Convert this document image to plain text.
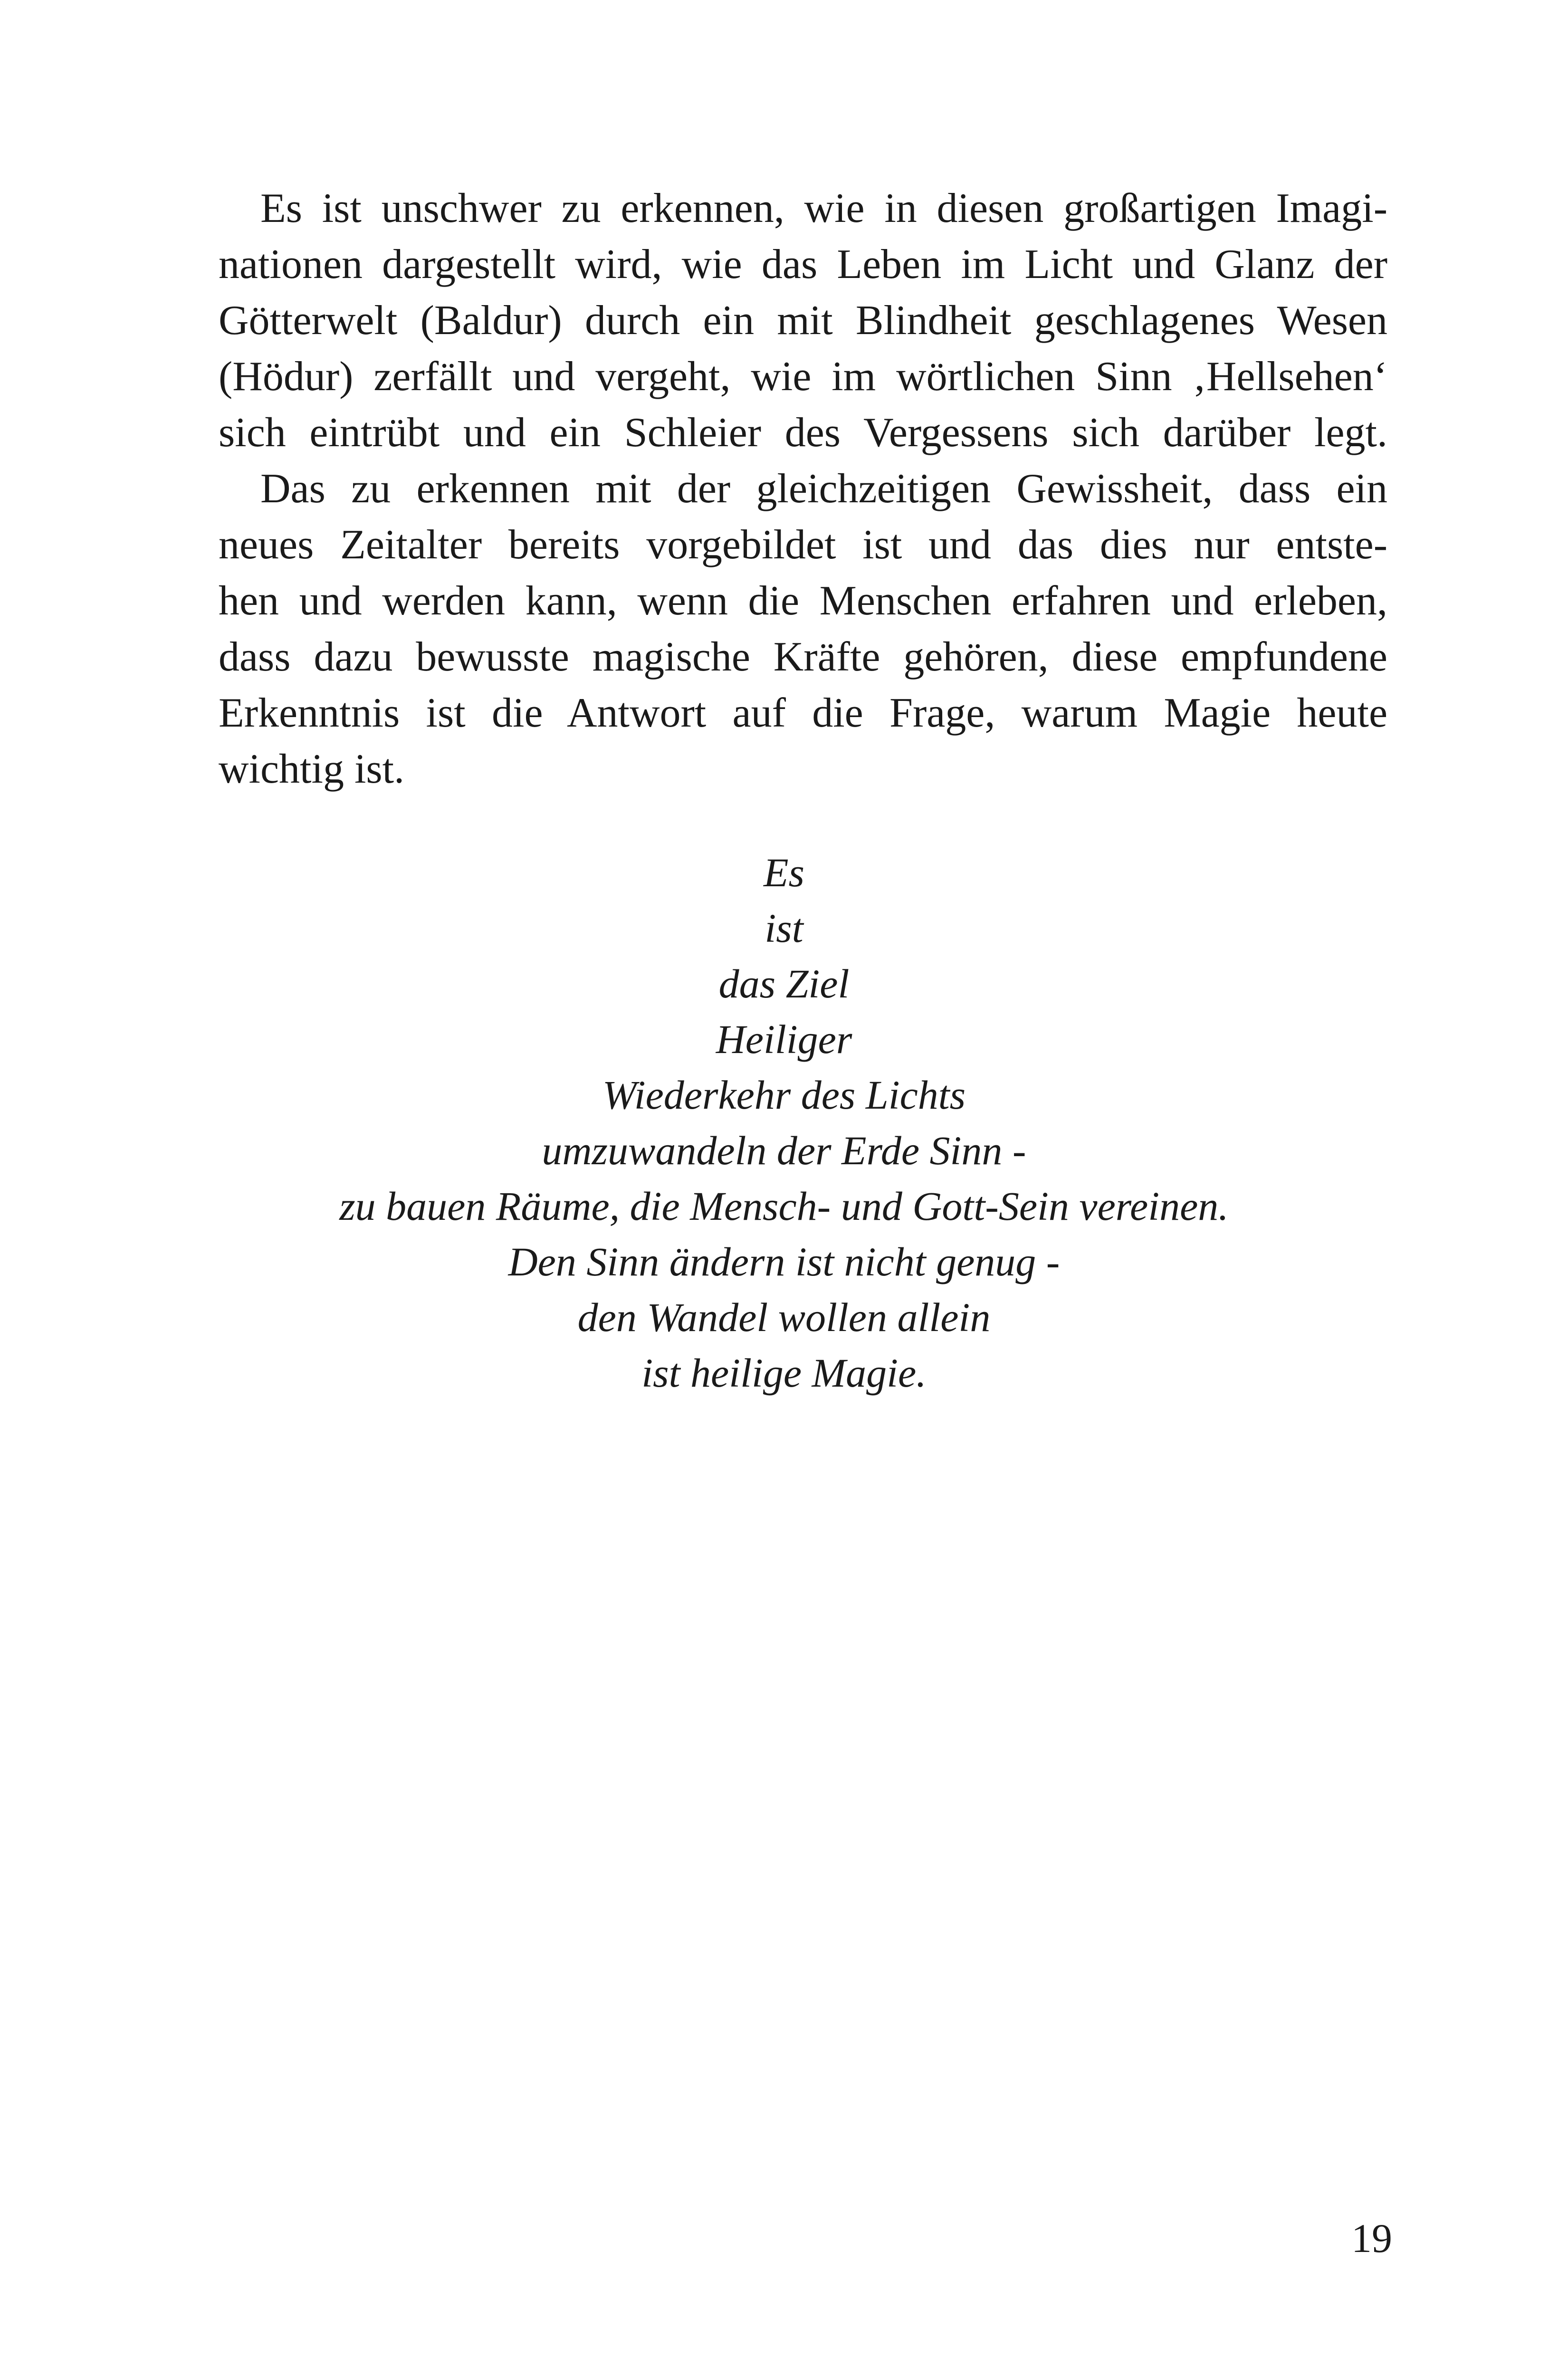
Es ist unschwer zu erkennen, wie in diesen großartigen Imagi-
nationen dargestellt wird, wie das Leben im Licht und Glanz der
Götterwelt (Baldur) durch ein mit Blindheit geschlagenes Wesen
(Hödur) zerfällt und vergeht, wie im wörtlichen Sinn ‚Hellsehen‘
sich eintrübt und ein Schleier des Vergessens sich darüber legt.
Das zu erkennen mit der gleichzeitigen Gewissheit, dass ein
neues Zeitalter bereits vorgebildet ist und das dies nur entste-
hen und werden kann, wenn die Menschen erfahren und erleben,
dass dazu bewusste magische Kräfte gehören, diese empfundene
Erkenntnis ist die Antwort auf die Frage, warum Magie heute
wichtig ist.
Es
ist
das Ziel
Heiliger
Wiederkehr des Lichts
umzuwandeln der Erde Sinn -
zu bauen Räume, die Mensch- und Gott-Sein vereinen.
Den Sinn ändern ist nicht genug -
den Wandel wollen allein
ist heilige Magie.
19
